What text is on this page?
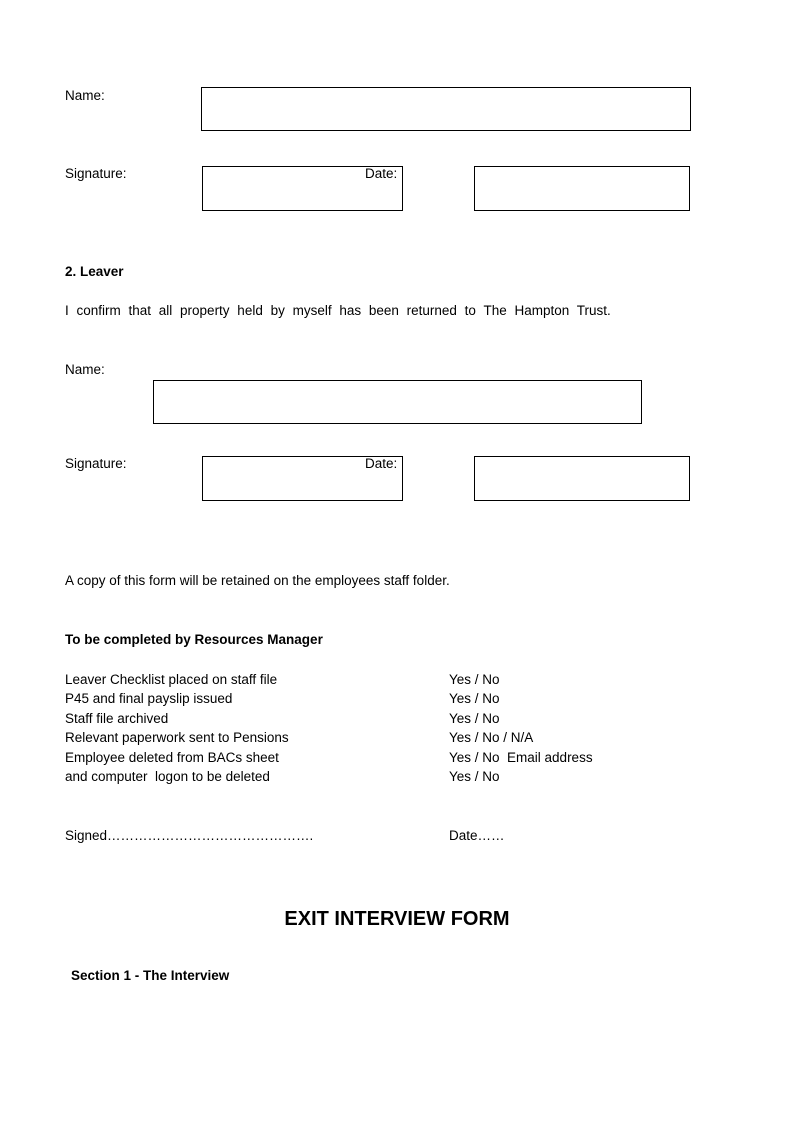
Name:
Signature:	Date:
2. Leaver
I confirm that all property held by myself has been returned to The Hampton Trust.
Name:
Signature:	Date:
A copy of this form will be retained on the employees staff folder.
To be completed by Resources Manager
Leaver Checklist placed on staff file	Yes / No
P45 and final payslip issued	Yes / No
Staff file archived	Yes / No
Relevant paperwork sent to Pensions	Yes / No / N/A
Employee deleted from BACs sheet	Yes / No  Email address
and computer  logon to be deleted	Yes / No
Signed……………………………………….	Date……
EXIT INTERVIEW FORM
Section 1 - The Interview
